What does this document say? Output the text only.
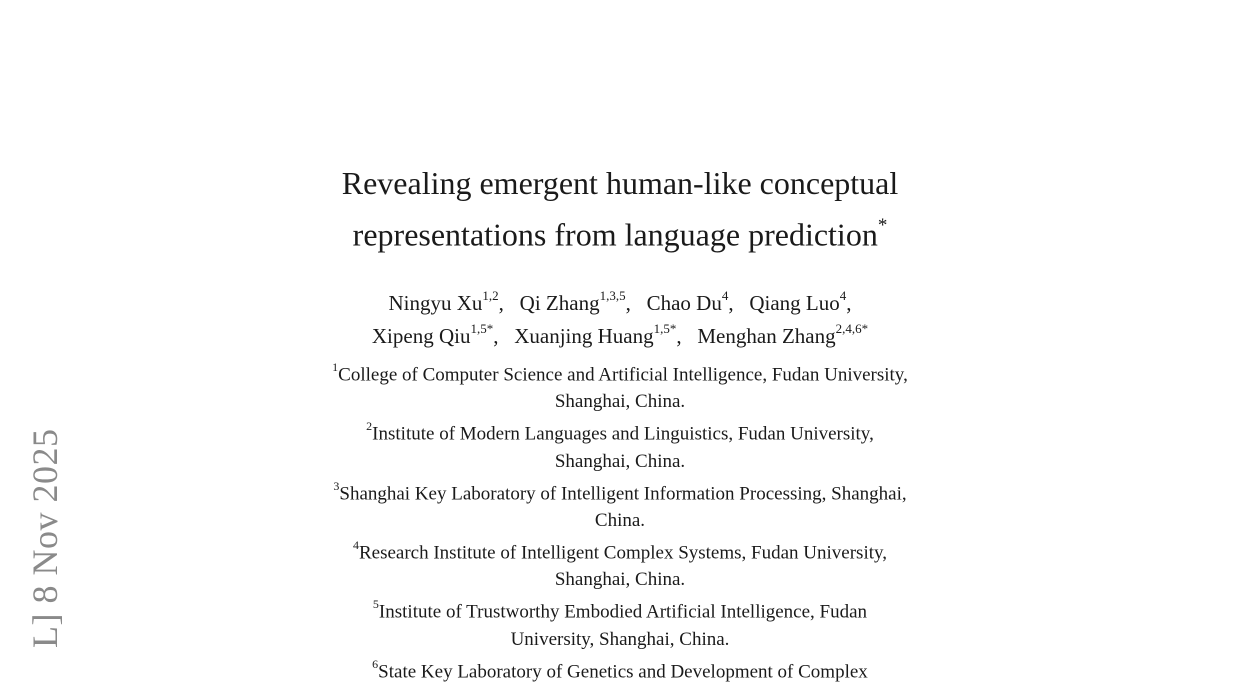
L] 8 Nov 2025
Revealing emergent human-like conceptual
representations from language prediction*
Ningyu Xu$^{1,2}$,   Qi Zhang$^{1,3,5}$,   Chao Du$^4$,   Qiang Luo$^4$,
Xipeng Qiu$^{1,5*}$,   Xuanjing Huang$^{1,5*}$,   Menghan Zhang$^{2,4,6*}$
$^1$College of Computer Science and Artificial Intelligence, Fudan University,
Shanghai, China.
$^2$Institute of Modern Languages and Linguistics, Fudan University,
Shanghai, China.
$^3$Shanghai Key Laboratory of Intelligent Information Processing, Shanghai,
China.
$^4$Research Institute of Intelligent Complex Systems, Fudan University,
Shanghai, China.
$^5$Institute of Trustworthy Embodied Artificial Intelligence, Fudan
University, Shanghai, China.
$^6$State Key Laboratory of Genetics and Development of Complex
